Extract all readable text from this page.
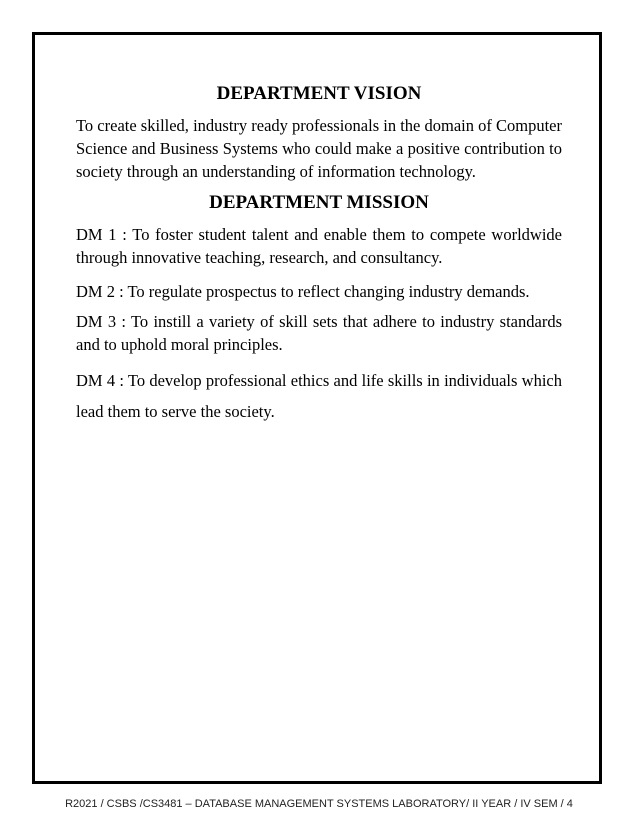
DEPARTMENT VISION

To create skilled, industry ready professionals in the domain of Computer Science and Business Systems who could make a positive contribution to society through an understanding of information technology.

DEPARTMENT MISSION

DM 1 : To foster student talent and enable them to compete worldwide through innovative teaching, research, and consultancy.

DM 2 : To regulate prospectus to reflect changing industry demands.

DM 3 : To instill a variety of skill sets that adhere to industry standards and to uphold moral principles.

DM 4 : To develop professional ethics and life skills in individuals which lead them to serve the society.

R2021 / CSBS /CS3481 – DATABASE MANAGEMENT SYSTEMS LABORATORY/ II YEAR / IV SEM / 4
